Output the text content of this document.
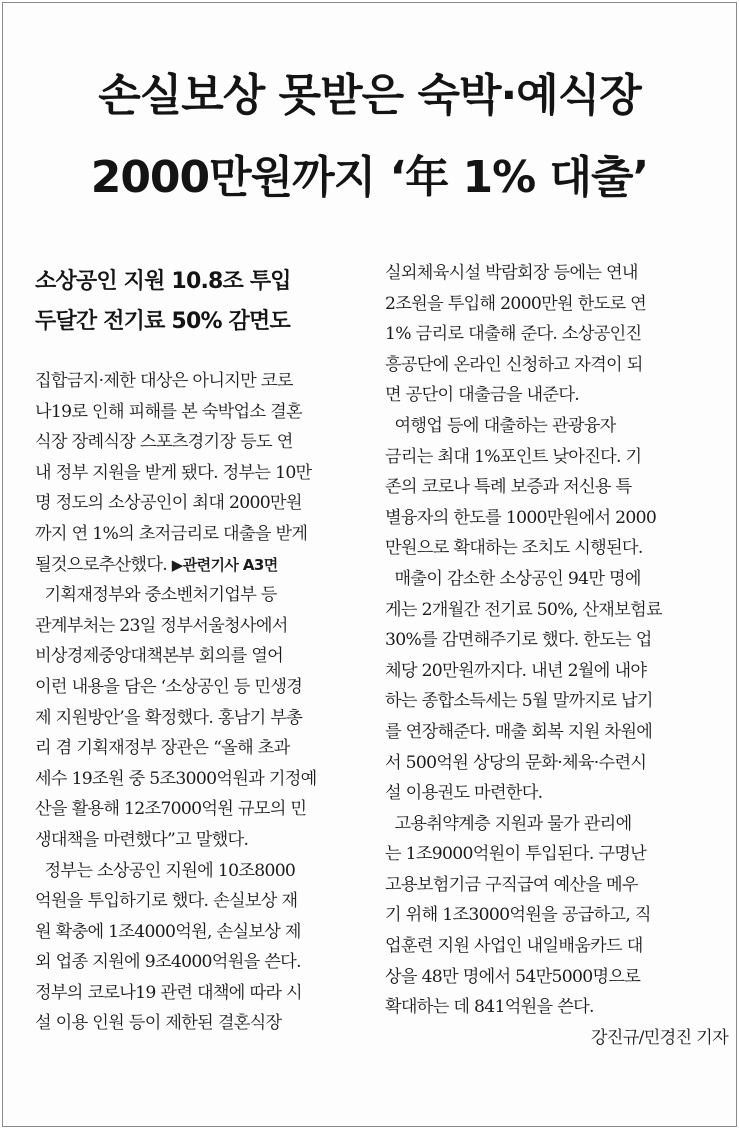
손실보상 못받은 숙박·예식장
2000만원까지 ‘年 1% 대출’
소상공인 지원 10.8조 투입
두달간 전기료 50% 감면도

집합금지·제한 대상은 아니지만 코로
나19로 인해 피해를 본 숙박업소 결혼
식장 장례식장 스포츠경기장 등도 연
내 정부 지원을 받게 됐다. 정부는 10만
명 정도의 소상공인이 최대 2000만원
까지 연 1%의 초저금리로 대출을 받게
될것으로추산했다. ▶관련기사 A3면

기획재정부와 중소벤처기업부 등
관계부처는 23일 정부서울청사에서
비상경제중앙대책본부 회의를 열어
이런 내용을 담은 ‘소상공인 등 민생경
제 지원방안’을 확정했다. 홍남기 부총
리 겸 기획재정부 장관은 “올해 초과
세수 19조원 중 5조3000억원과 기정예
산을 활용해 12조7000억원 규모의 민
생대책을 마련했다”고 말했다.

정부는 소상공인 지원에 10조8000
억원을 투입하기로 했다. 손실보상 재
원 확충에 1조4000억원, 손실보상 제
외 업종 지원에 9조4000억원을 쓴다.
정부의 코로나19 관련 대책에 따라 시
설 이용 인원 등이 제한된 결혼식장

실외체육시설 박람회장 등에는 연내
2조원을 투입해 2000만원 한도로 연
1% 금리로 대출해 준다. 소상공인진
흥공단에 온라인 신청하고 자격이 되
면 공단이 대출금을 내준다.

여행업 등에 대출하는 관광융자
금리는 최대 1%포인트 낮아진다. 기
존의 코로나 특례 보증과 저신용 특
별융자의 한도를 1000만원에서 2000
만원으로 확대하는 조치도 시행된다.

매출이 감소한 소상공인 94만 명에
게는 2개월간 전기료 50%, 산재보험료
30%를 감면해주기로 했다. 한도는 업
체당 20만원까지다. 내년 2월에 내야
하는 종합소득세는 5월 말까지로 납기
를 연장해준다. 매출 회복 지원 차원에
서 500억원 상당의 문화·체육·수련시
설 이용권도 마련한다.

고용취약계층 지원과 물가 관리에
는 1조9000억원이 투입된다. 구명난
고용보험기금 구직급여 예산을 메우
기 위해 1조3000억원을 공급하고, 직
업훈련 지원 사업인 내일배움카드 대
상을 48만 명에서 54만5000명으로
확대하는 데 841억원을 쓴다.

강진규/민경진 기자
